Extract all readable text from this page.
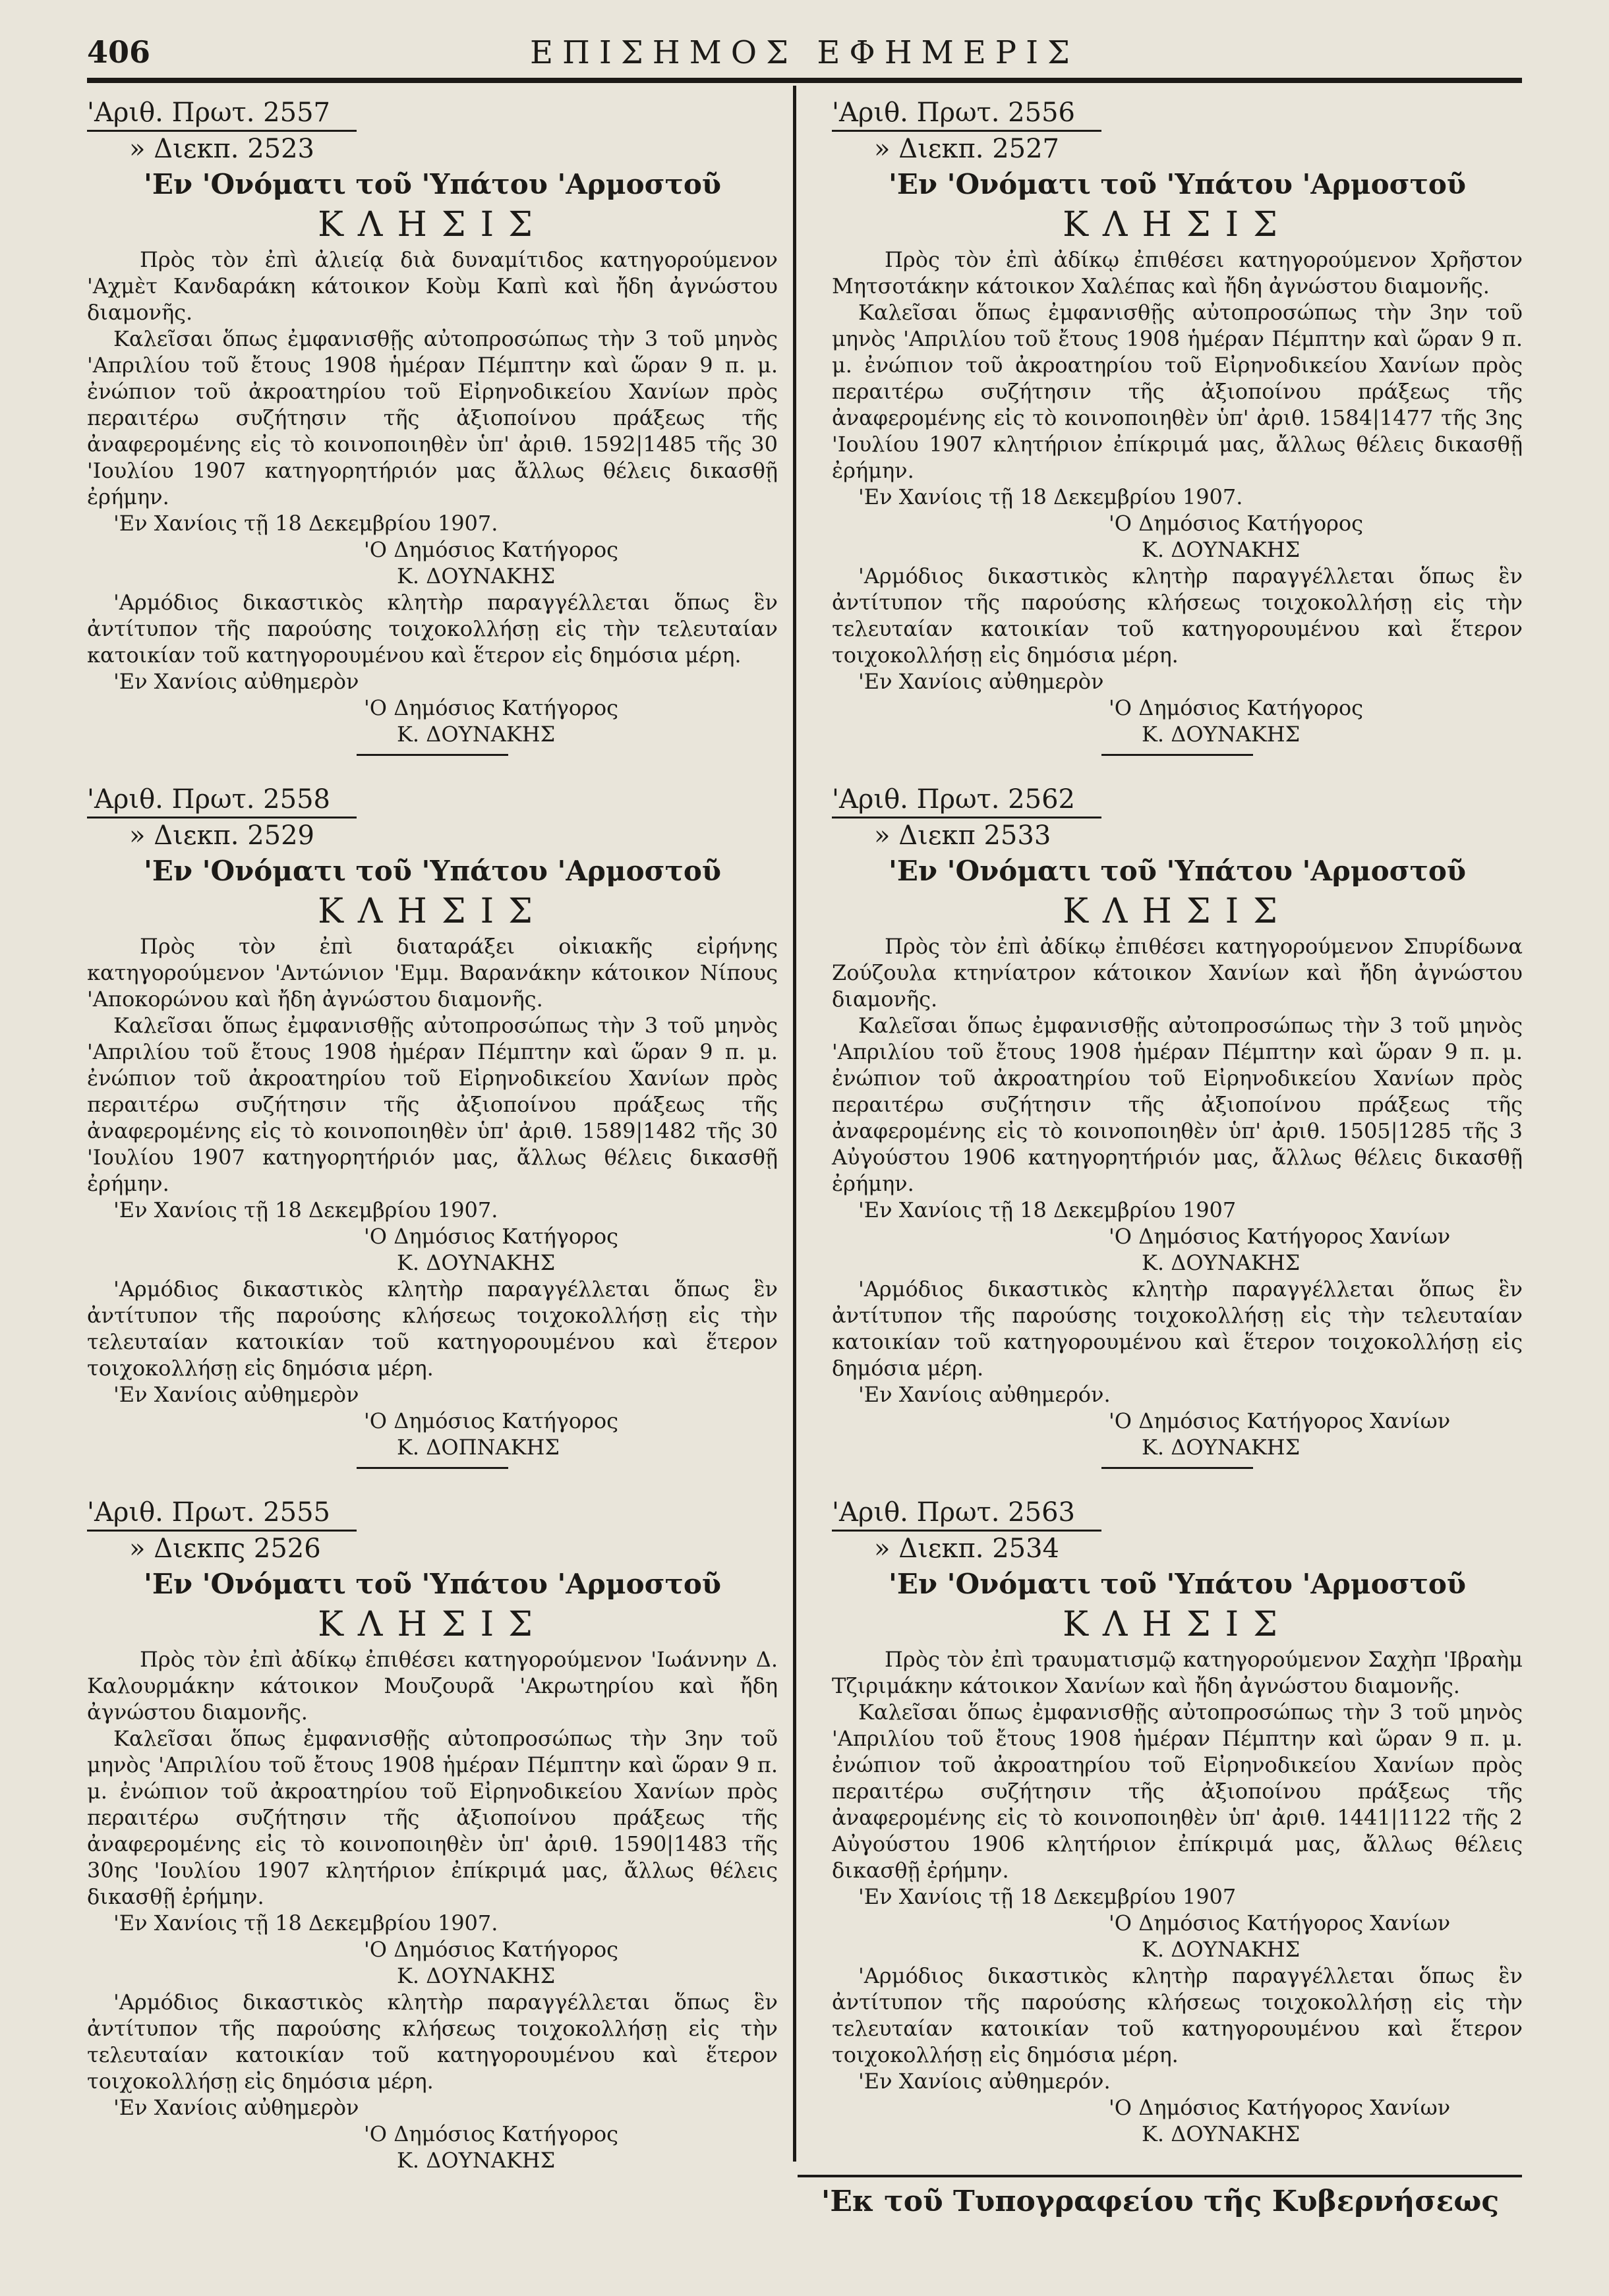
406	ΕΠΙΣΗΜΟΣ ΕΦΗΜΕΡΙΣ
'Αριθ. Πρωτ. 2557
» Διεκπ. 2523
'Εν 'Ονόματι τοῦ 'Υπάτου 'Αρμοστοῦ
ΚΛΗΣΙΣ

Πρὸς τὸν ἐπὶ ἀλιείᾳ διὰ δυναμίτιδος κατηγορούμενον 'Αχμὲτ Κανδαράκη κάτοικον Κοὺμ Καπὶ καὶ ἤδη ἀγνώστου διαμονῆς.

Καλεῖσαι ὅπως ἐμφανισθῇς αὐτοπροσώπως τὴν 3 τοῦ μηνὸς 'Απριλίου τοῦ ἔτους 1908 ἡμέραν Πέμπτην καὶ ὥραν 9 π. μ. ἐνώπιον τοῦ ἀκροατηρίου τοῦ Εἰρηνοδικείου Χανίων πρὸς περαιτέρω συζήτησιν τῆς ἀξιοποίνου πράξεως τῆς ἀναφερομένης εἰς τὸ κοινοποιηθὲν ὑπ' ἀριθ. 1592|1485 τῆς 30 'Ιουλίου 1907 κατηγορητήριόν μας ἄλλως θέλεις δικασθῇ ἐρήμην.

'Εν Χανίοις τῇ 18 Δεκεμβρίου 1907.

'Ο Δημόσιος Κατήγορος
Κ. ΔΟΥΝΑΚΗΣ

'Αρμόδιος δικαστικὸς κλητὴρ παραγγέλλεται ὅπως ἓν ἀντίτυπον τῆς παρούσης τοιχοκολλήσῃ εἰς τὴν τελευταίαν κατοικίαν τοῦ κατηγορουμένου καὶ ἕτερον εἰς δημόσια μέρη.

'Εν Χανίοις αὐθημερὸν

'Ο Δημόσιος Κατήγορος
Κ. ΔΟΥΝΑΚΗΣ
'Αριθ. Πρωτ. 2558
» Διεκπ. 2529
'Εν 'Ονόματι τοῦ 'Υπάτου 'Αρμοστοῦ
ΚΛΗΣΙΣ

Πρὸς τὸν ἐπὶ διαταράξει οἰκιακῆς εἰρήνης κατηγορούμενον 'Αντώνιον 'Εμμ. Βαρανάκην κάτοικον Νίπους 'Αποκορώνου καὶ ἤδη ἀγνώστου διαμονῆς.

Καλεῖσαι ὅπως ἐμφανισθῇς αὐτοπροσώπως τὴν 3 τοῦ μηνὸς 'Απριλίου τοῦ ἔτους 1908 ἡμέραν Πέμπτην καὶ ὥραν 9 π. μ. ἐνώπιον τοῦ ἀκροατηρίου τοῦ Εἰρηνοδικείου Χανίων πρὸς περαιτέρω συζήτησιν τῆς ἀξιοποίνου πράξεως τῆς ἀναφερομένης εἰς τὸ κοινοποιηθὲν ὑπ' ἀριθ. 1589|1482 τῆς 30 'Ιουλίου 1907 κατηγορητήριόν μας, ἄλλως θέλεις δικασθῇ ἐρήμην.

'Εν Χανίοις τῇ 18 Δεκεμβρίου 1907.

'Ο Δημόσιος Κατήγορος
Κ. ΔΟΥΝΑΚΗΣ

'Αρμόδιος δικαστικὸς κλητὴρ παραγγέλλεται ὅπως ἓν ἀντίτυπον τῆς παρούσης κλήσεως τοιχοκολλήσῃ εἰς τὴν τελευταίαν κατοικίαν τοῦ κατηγορουμένου καὶ ἕτερον τοιχοκολλήσῃ εἰς δημόσια μέρη.

'Εν Χανίοις αὐθημερὸν

'Ο Δημόσιος Κατήγορος
Κ. ΔΟΠΝΑΚΗΣ
'Αριθ. Πρωτ. 2555
» Διεκπς 2526
'Εν 'Ονόματι τοῦ 'Υπάτου 'Αρμοστοῦ
ΚΛΗΣΙΣ

Πρὸς τὸν ἐπὶ ἀδίκῳ ἐπιθέσει κατηγορούμενον 'Ιωάννην Δ. Καλουρμάκην κάτοικον Μουζουρᾶ 'Ακρωτηρίου καὶ ἤδη ἀγνώστου διαμονῆς.

Καλεῖσαι ὅπως ἐμφανισθῇς αὐτοπροσώπως τὴν 3ην τοῦ μηνὸς 'Απριλίου τοῦ ἔτους 1908 ἡμέραν Πέμπτην καὶ ὥραν 9 π. μ. ἐνώπιον τοῦ ἀκροατηρίου τοῦ Εἰρηνοδικείου Χανίων πρὸς περαιτέρω συζήτησιν τῆς ἀξιοποίνου πράξεως τῆς ἀναφερομένης εἰς τὸ κοινοποιηθὲν ὑπ' ἀριθ. 1590|1483 τῆς 30ης 'Ιουλίου 1907 κλητήριον ἐπίκριμά μας, ἄλλως θέλεις δικασθῇ ἐρήμην.

'Εν Χανίοις τῇ 18 Δεκεμβρίου 1907.

'Ο Δημόσιος Κατήγορος
Κ. ΔΟΥΝΑΚΗΣ

'Αρμόδιος δικαστικὸς κλητὴρ παραγγέλλεται ὅπως ἓν ἀντίτυπον τῆς παρούσης κλήσεως τοιχοκολλήσῃ εἰς τὴν τελευταίαν κατοικίαν τοῦ κατηγορουμένου καὶ ἕτερον τοιχοκολλήσῃ εἰς δημόσια μέρη.

'Εν Χανίοις αὐθημερὸν

'Ο Δημόσιος Κατήγορος
Κ. ΔΟΥΝΑΚΗΣ
'Αριθ. Πρωτ. 2556
» Διεκπ. 2527
'Εν 'Ονόματι τοῦ 'Υπάτου 'Αρμοστοῦ
ΚΛΗΣΙΣ

Πρὸς τὸν ἐπὶ ἀδίκῳ ἐπιθέσει κατηγορούμενον Χρῆστον Μητσοτάκην κάτοικον Χαλέπας καὶ ἤδη ἀγνώστου διαμονῆς.

Καλεῖσαι ὅπως ἐμφανισθῇς αὐτοπροσώπως τὴν 3ην τοῦ μηνὸς 'Απριλίου τοῦ ἔτους 1908 ἡμέραν Πέμπτην καὶ ὥραν 9 π. μ. ἐνώπιον τοῦ ἀκροατηρίου τοῦ Εἰρηνοδικείου Χανίων πρὸς περαιτέρω συζήτησιν τῆς ἀξιοποίνου πράξεως τῆς ἀναφερομένης εἰς τὸ κοινοποιηθὲν ὑπ' ἀριθ. 1584|1477 τῆς 3ης 'Ιουλίου 1907 κλητήριον ἐπίκριμά μας, ἄλλως θέλεις δικασθῇ ἐρήμην.

'Εν Χανίοις τῇ 18 Δεκεμβρίου 1907.

'Ο Δημόσιος Κατήγορος
Κ. ΔΟΥΝΑΚΗΣ

'Αρμόδιος δικαστικὸς κλητὴρ παραγγέλλεται ὅπως ἓν ἀντίτυπον τῆς παρούσης κλήσεως τοιχοκολλήσῃ εἰς τὴν τελευταίαν κατοικίαν τοῦ κατηγορουμένου καὶ ἕτερον τοιχοκολλήσῃ εἰς δημόσια μέρη.

'Εν Χανίοις αὐθημερὸν

'Ο Δημόσιος Κατήγορος
Κ. ΔΟΥΝΑΚΗΣ
'Αριθ. Πρωτ. 2562
» Διεκπ 2533
'Εν 'Ονόματι τοῦ 'Υπάτου 'Αρμοστοῦ
ΚΛΗΣΙΣ

Πρὸς τὸν ἐπὶ ἀδίκῳ ἐπιθέσει κατηγορούμενον Σπυρίδωνα Ζούζουλα κτηνίατρον κάτοικον Χανίων καὶ ἤδη ἀγνώστου διαμονῆς.

Καλεῖσαι ὅπως ἐμφανισθῇς αὐτοπροσώπως τὴν 3 τοῦ μηνὸς 'Απριλίου τοῦ ἔτους 1908 ἡμέραν Πέμπτην καὶ ὥραν 9 π. μ. ἐνώπιον τοῦ ἀκροατηρίου τοῦ Εἰρηνοδικείου Χανίων πρὸς περαιτέρω συζήτησιν τῆς ἀξιοποίνου πράξεως τῆς ἀναφερομένης εἰς τὸ κοινοποιηθὲν ὑπ' ἀριθ. 1505|1285 τῆς 3 Αὐγούστου 1906 κατηγορητήριόν μας, ἄλλως θέλεις δικασθῇ ἐρήμην.

'Εν Χανίοις τῇ 18 Δεκεμβρίου 1907

'Ο Δημόσιος Κατήγορος Χανίων
Κ. ΔΟΥΝΑΚΗΣ

'Αρμόδιος δικαστικὸς κλητὴρ παραγγέλλεται ὅπως ἓν ἀντίτυπον τῆς παρούσης τοιχοκολλήσῃ εἰς τὴν τελευταίαν κατοικίαν τοῦ κατηγορουμένου καὶ ἕτερον τοιχοκολλήσῃ εἰς δημόσια μέρη.

'Εν Χανίοις αὐθημερόν.

'Ο Δημόσιος Κατήγορος Χανίων
Κ. ΔΟΥΝΑΚΗΣ
'Αριθ. Πρωτ. 2563
» Διεκπ. 2534
'Εν 'Ονόματι τοῦ 'Υπάτου 'Αρμοστοῦ
ΚΛΗΣΙΣ

Πρὸς τὸν ἐπὶ τραυματισμῷ κατηγορούμενον Σαχὴπ 'Ιβραὴμ Τζιριμάκην κάτοικον Χανίων καὶ ἤδη ἀγνώστου διαμονῆς.

Καλεῖσαι ὅπως ἐμφανισθῇς αὐτοπροσώπως τὴν 3 τοῦ μηνὸς 'Απριλίου τοῦ ἔτους 1908 ἡμέραν Πέμπτην καὶ ὥραν 9 π. μ. ἐνώπιον τοῦ ἀκροατηρίου τοῦ Εἰρηνοδικείου Χανίων πρὸς περαιτέρω συζήτησιν τῆς ἀξιοποίνου πράξεως τῆς ἀναφερομένης εἰς τὸ κοινοποιηθὲν ὑπ' ἀριθ. 1441|1122 τῆς 2 Αὐγούστου 1906 κλητήριον ἐπίκριμά μας, ἄλλως θέλεις δικασθῇ ἐρήμην.

'Εν Χανίοις τῇ 18 Δεκεμβρίου 1907

'Ο Δημόσιος Κατήγορος Χανίων
Κ. ΔΟΥΝΑΚΗΣ

'Αρμόδιος δικαστικὸς κλητὴρ παραγγέλλεται ὅπως ἓν ἀντίτυπον τῆς παρούσης κλήσεως τοιχοκολλήσῃ εἰς τὴν τελευταίαν κατοικίαν τοῦ κατηγορουμένου καὶ ἕτερον τοιχοκολλήσῃ εἰς δημόσια μέρη.

'Εν Χανίοις αὐθημερόν.

'Ο Δημόσιος Κατήγορος Χανίων
Κ. ΔΟΥΝΑΚΗΣ
'Εκ τοῦ Τυπογραφείου τῆς Κυβερνήσεως
